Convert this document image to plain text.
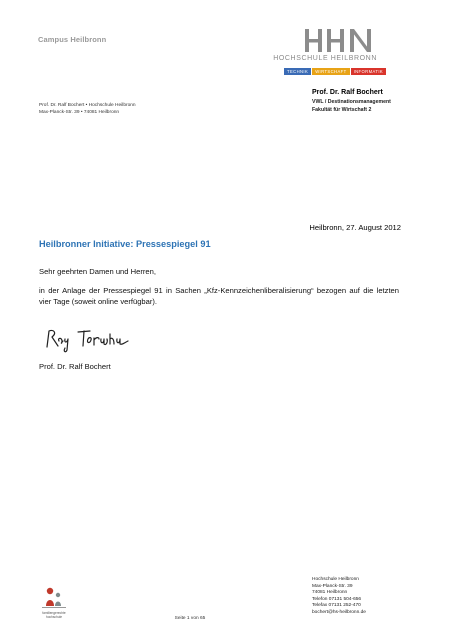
Campus Heilbronn
HOCHSCHULE HEILBRONN
TECHNIK	WIRTSCHAFT	INFORMATIK
Prof. Dr. Ralf Bochert • Hochschule Heilbronn
Max-Planck-Str. 39 • 74081 Heilbronn
Prof. Dr. Ralf Bochert
VWL / Destinationsmanagement
Fakultät für Wirtschaft 2
Heilbronn, 27. August 2012
Heilbronner Initiative: Pressespiegel 91
Sehr geehrten Damen und Herren,
in der Anlage der Pressespiegel 91 in Sachen „Kfz-Kennzeichenliberalisierung“ bezogen auf die letzten vier Tage (soweit online verfügbar).
Prof. Dr. Ralf Bochert
familiengerechte
hochschule	Seite 1 von 65
Hochschule Heilbronn
Max-Planck-Str. 39
74081 Heilbronn
Telefon 07131 504-656
Telefax 07131 252-470
bochert@hs-heilbronn.de
